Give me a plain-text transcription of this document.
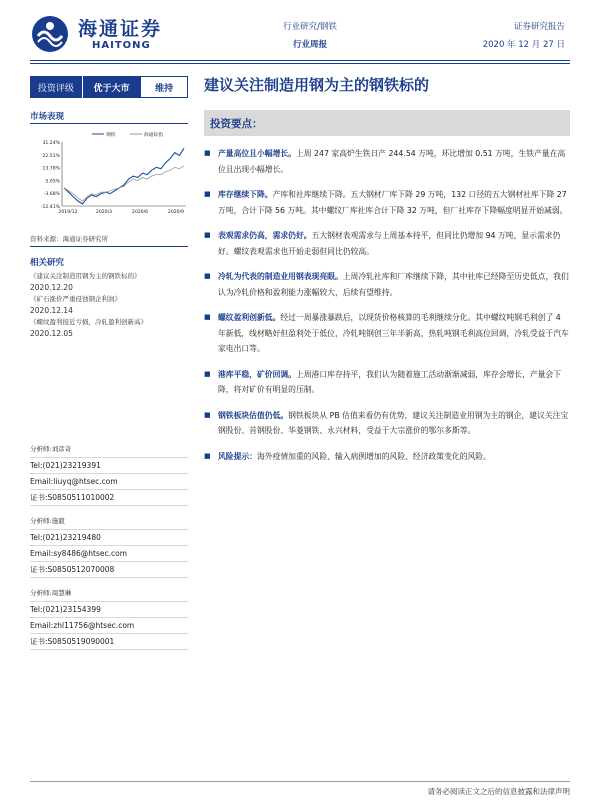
海通证券
HAITONG
行业研究/钢铁
行业周报
证券研究报告
2020 年 12 月 27 日
投资评级	优于大市	维持	建议关注制造用钢为主的钢铁标的
市场表现
31.24%
22.51%
13.78%
5.05%
-3.68%
-12.41%
2019/12	2020/3	2020/6	2020/9
钢铁	海通综指
资料来源：海通证券研究所
相关研究
《建议关注制造用钢为主的钢铁标的》
2020.12.20
《矿石涨价严重侵蚀钢企利润》
2020.12.14
《螺纹盈利接近亏损，冷轧盈利创新高》
2020.12.05
分析师:刘彦奇
Tel:(021)23219391
Email:liuyq@htsec.com
证书:S0850511010002
分析师:施毅
Tel:(021)23219480
Email:sy8486@htsec.com
证书:S0850512070008
分析师:周慧琳
Tel:(021)23154399
Email:zhl11756@htsec.com
证书:S0850519090001
投资要点：
■ 产量高位且小幅增长。上周 247 家高炉生铁日产 244.54 万吨，环比增加 0.51 万吨，生铁产量在高位且出现小幅增长。
■ 库存继续下降。产库和社库继续下降。五大钢材厂库下降 29 万吨，132 口径的五大钢材社库下降 27 万吨，合计下降 56 万吨。其中螺纹厂库社库合计下降 32 万吨，但厂社库存下降幅度明显开始减弱。
■ 表观需求仍高，需求仍好。五大钢材表观需求与上周基本持平，但同比仍增加 94 万吨，显示需求仍好。螺纹表观需求也开始走弱但同比仍较高。
■ 冷轧为代表的制造业用钢表现亮眼。上周冷轧社库和厂库继续下降，其中社库已经降至历史低点，我们认为冷轧价格和盈利能力涨幅较大，后续有望维持。
■ 螺纹盈利创新低。经过一周暴涨暴跌后，以现货价格核算的毛利继续分化。其中螺纹吨钢毛利创了 4 年新低，线材略好但盈利处于低位，冷轧吨钢创三年半新高，热轧吨钢毛利高位回调，冷轧受益于汽车家电出口等。
■ 港库平稳，矿价回调。上周港口库存持平，我们认为随着施工活动渐渐减弱，库存会增长，产量会下降，将对矿价有明显的压制。
■ 钢铁板块估值仍低。钢铁板块从 PB 估值来看仍有优势，建议关注制造业用钢为主的钢企，建议关注宝钢股份、首钢股份、华菱钢铁、永兴材料，受益于大宗涨价的鄂尔多斯等。
■ 风险提示：海外疫情加重的风险、输入病例增加的风险、经济政策变化的风险。
请务必阅读正文之后的信息披露和法律声明
